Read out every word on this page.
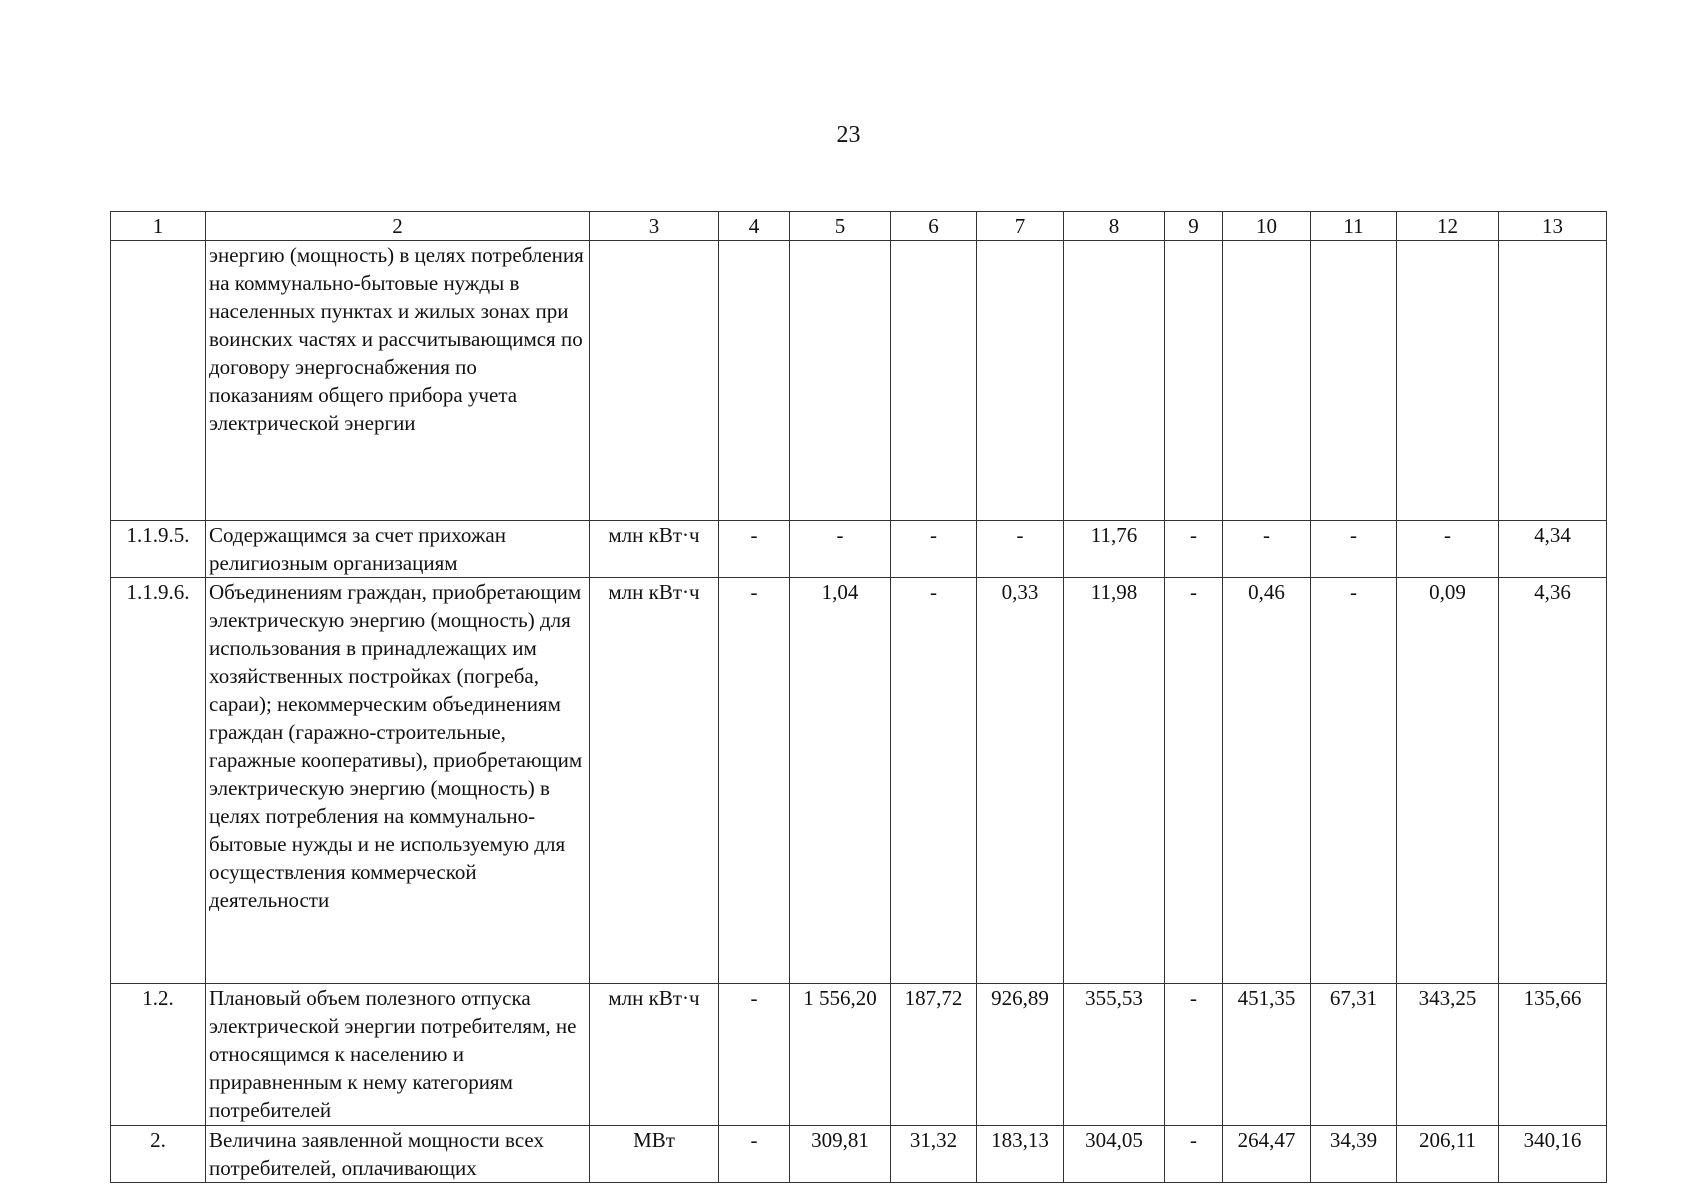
23
1	2	3	4	5	6	7	8	9	10	11	12	13
	энергию (мощность) в целях потребления на коммунально-бытовые нужды в населенных пунктах и жилых зонах при воинских частях и рассчитывающимся по договору энергоснабжения по показаниям общего прибора учета электрической энергии											
1.1.9.5.	Содержащимся за счет прихожан религиозным организациям	млн кВт·ч	-	-	-	-	11,76	-	-	-	-	4,34
1.1.9.6.	Объединениям граждан, приобретающим электрическую энергию (мощность) для использования в принадлежащих им хозяйственных постройках (погреба, сараи); некоммерческим объединениям граждан (гаражно-строительные, гаражные кооперативы), приобретающим электрическую энергию (мощность) в целях потребления на коммунально-бытовые нужды и не используемую для осуществления коммерческой деятельности	млн кВт·ч	-	1,04	-	0,33	11,98	-	0,46	-	0,09	4,36
1.2.	Плановый объем полезного отпуска электрической энергии потребителям, не относящимся к населению и приравненным к нему категориям потребителей	млн кВт·ч	-	1 556,20	187,72	926,89	355,53	-	451,35	67,31	343,25	135,66
2.	Величина заявленной мощности всех потребителей, оплачивающих	МВт	-	309,81	31,32	183,13	304,05	-	264,47	34,39	206,11	340,16
